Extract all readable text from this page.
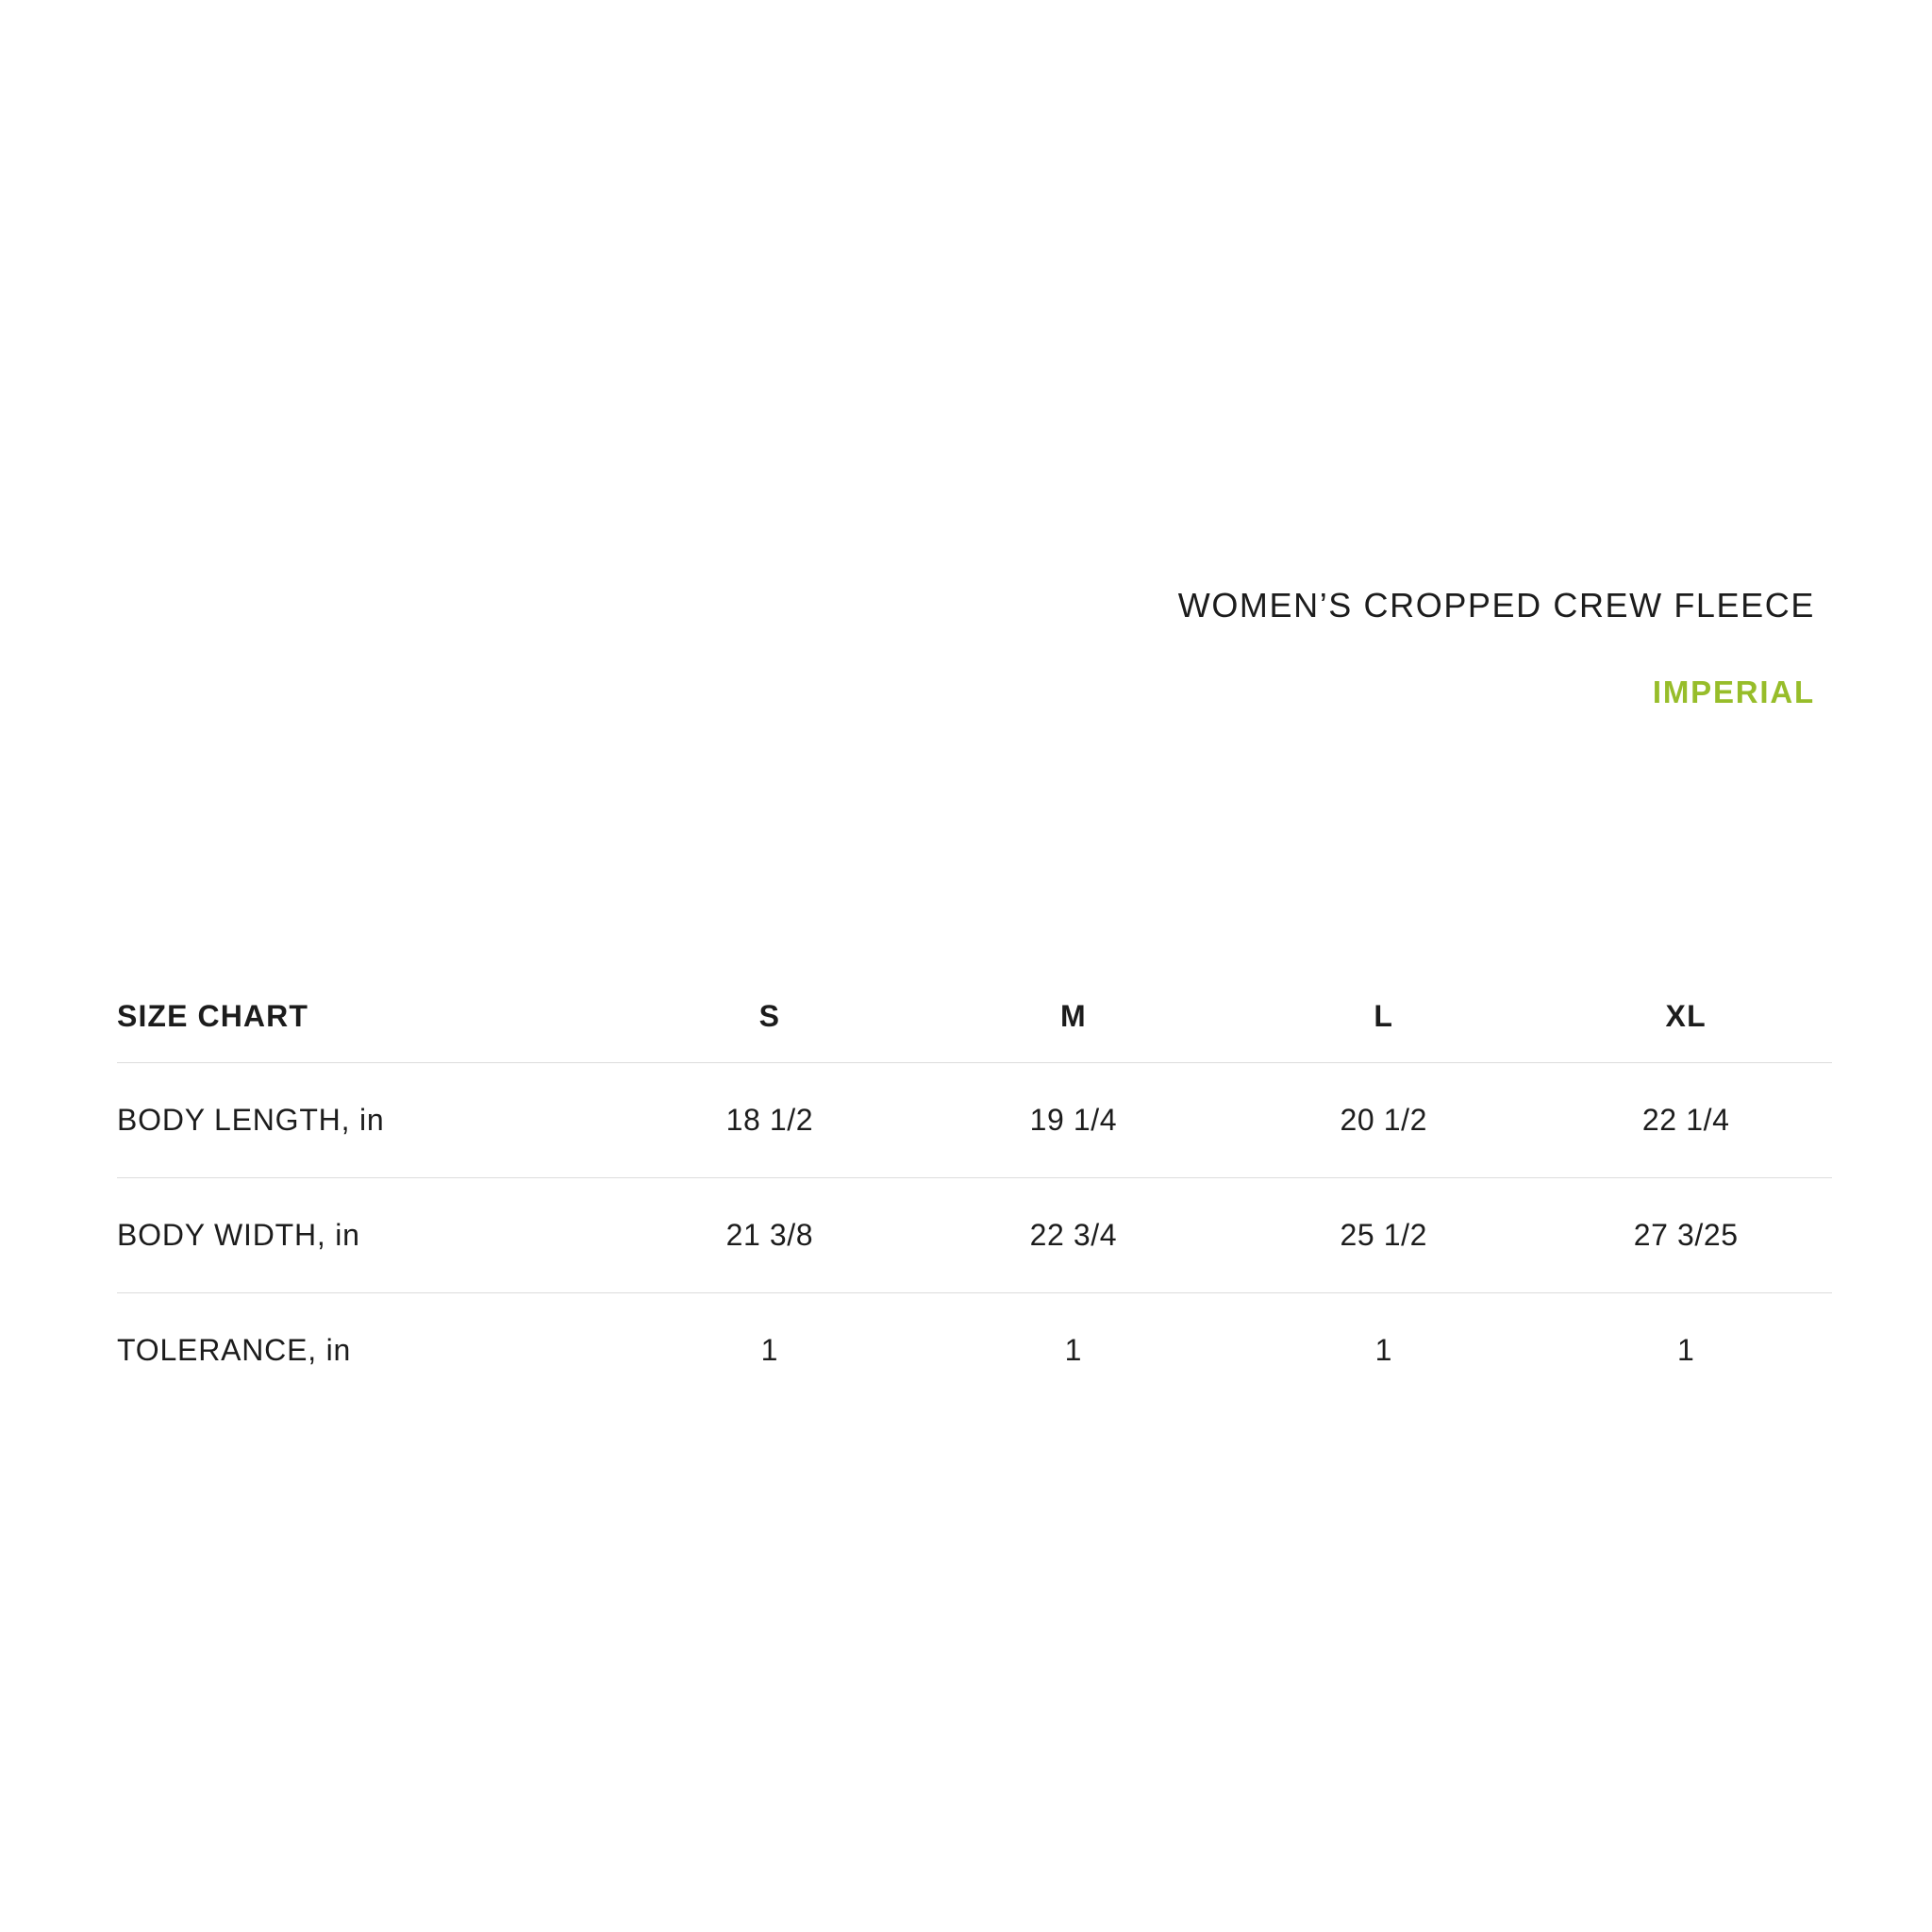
WOMEN’S CROPPED CREW FLEECE
IMPERIAL
SIZE CHART	S	M	L	XL
BODY LENGTH, in	18 1/2	19 1/4	20 1/2	22 1/4
BODY WIDTH, in	21 3/8	22 3/4	25 1/2	27 3/25
TOLERANCE, in	1	1	1	1
